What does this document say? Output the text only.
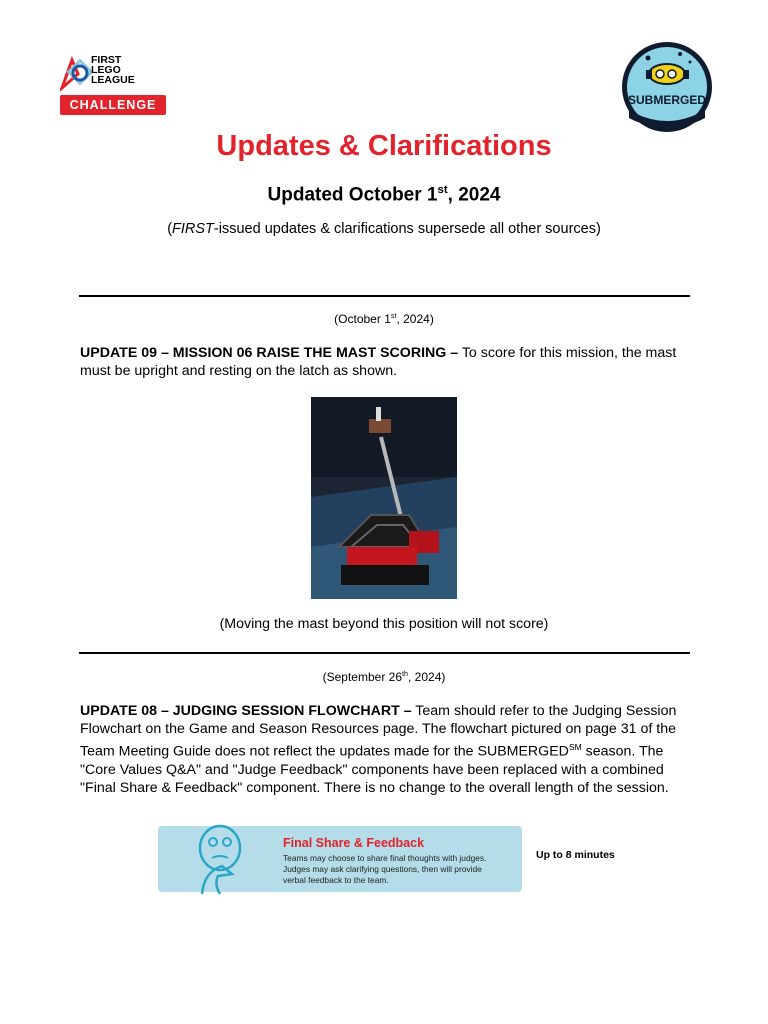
FIRST
LEGO
LEAGUE
CHALLENGE	SUBMERGED
Updates & Clarifications
Updated October 1st, 2024
(FIRST-issued updates & clarifications supersede all other sources)
(October 1st, 2024)
UPDATE 09 – MISSION 06 RAISE THE MAST SCORING – To score for this mission, the mast must be upright and resting on the latch as shown.
(Moving the mast beyond this position will not score)
(September 26th, 2024)
UPDATE 08 – JUDGING SESSION FLOWCHART – Team should refer to the Judging Session Flowchart on the Game and Season Resources page. The flowchart pictured on page 31 of the Team Meeting Guide does not reflect the updates made for the SUBMERGED℠ season. The "Core Values Q&A" and "Judge Feedback" components have been replaced with a combined "Final Share & Feedback" component. There is no change to the overall length of the session.
Final Share & Feedback
Teams may choose to share final thoughts with judges.
Judges may ask clarifying questions, then will provide
verbal feedback to the team.
Up to 8 minutes
